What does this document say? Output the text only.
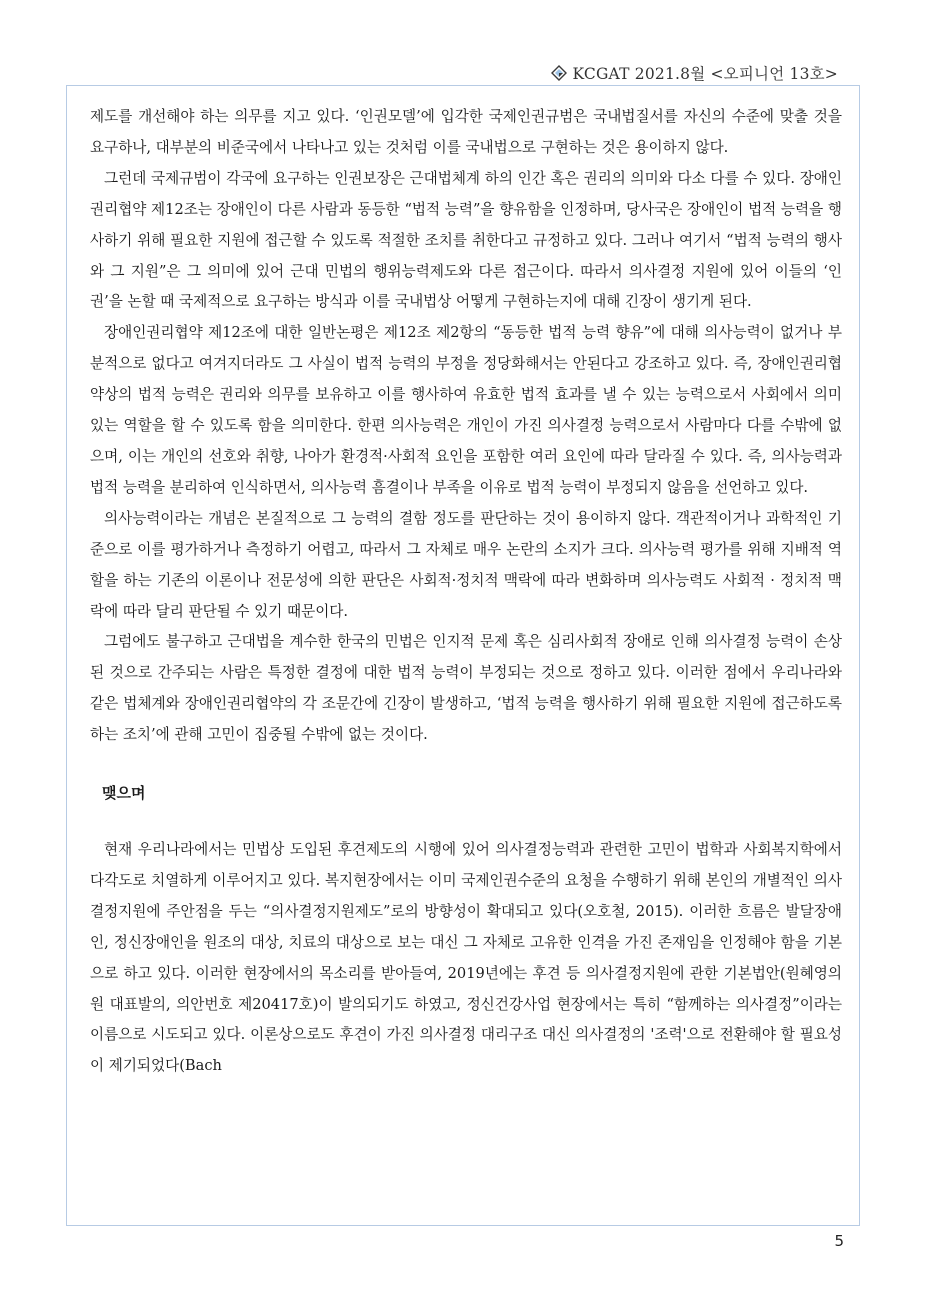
KCGAT 2021.8월 <오피니언 13호>

제도를 개선해야 하는 의무를 지고 있다. ‘인권모델’에 입각한 국제인권규범은 국내법질서를 자신의 수준에 맞출 것을 요구하나, 대부분의 비준국에서 나타나고 있는 것처럼 이를 국내법으로 구현하는 것은 용이하지 않다.

그런데 국제규범이 각국에 요구하는 인권보장은 근대법체계 하의 인간 혹은 권리의 의미와 다소 다를 수 있다. 장애인권리협약 제12조는 장애인이 다른 사람과 동등한 “법적 능력”을 향유함을 인정하며, 당사국은 장애인이 법적 능력을 행사하기 위해 필요한 지원에 접근할 수 있도록 적절한 조치를 취한다고 규정하고 있다. 그러나 여기서 “법적 능력의 행사와 그 지원”은 그 의미에 있어 근대 민법의 행위능력제도와 다른 접근이다. 따라서 의사결정 지원에 있어 이들의 ‘인권’을 논할 때 국제적으로 요구하는 방식과 이를 국내법상 어떻게 구현하는지에 대해 긴장이 생기게 된다.

장애인권리협약 제12조에 대한 일반논평은 제12조 제2항의 “동등한 법적 능력 향유”에 대해 의사능력이 없거나 부분적으로 없다고 여겨지더라도 그 사실이 법적 능력의 부정을 정당화해서는 안된다고 강조하고 있다. 즉, 장애인권리협약상의 법적 능력은 권리와 의무를 보유하고 이를 행사하여 유효한 법적 효과를 낼 수 있는 능력으로서 사회에서 의미 있는 역할을 할 수 있도록 함을 의미한다. 한편 의사능력은 개인이 가진 의사결정 능력으로서 사람마다 다를 수밖에 없으며, 이는 개인의 선호와 취향, 나아가 환경적·사회적 요인을 포함한 여러 요인에 따라 달라질 수 있다. 즉, 의사능력과 법적 능력을 분리하여 인식하면서, 의사능력 흠결이나 부족을 이유로 법적 능력이 부정되지 않음을 선언하고 있다.

의사능력이라는 개념은 본질적으로 그 능력의 결함 정도를 판단하는 것이 용이하지 않다. 객관적이거나 과학적인 기준으로 이를 평가하거나 측정하기 어렵고, 따라서 그 자체로 매우 논란의 소지가 크다. 의사능력 평가를 위해 지배적 역할을 하는 기존의 이론이나 전문성에 의한 판단은 사회적·정치적 맥락에 따라 변화하며 의사능력도 사회적 · 정치적 맥락에 따라 달리 판단될 수 있기 때문이다.

그럼에도 불구하고 근대법을 계수한 한국의 민법은 인지적 문제 혹은 심리사회적 장애로 인해 의사결정 능력이 손상된 것으로 간주되는 사람은 특정한 결정에 대한 법적 능력이 부정되는 것으로 정하고 있다. 이러한 점에서 우리나라와 같은 법체계와 장애인권리협약의 각 조문간에 긴장이 발생하고, ‘법적 능력을 행사하기 위해 필요한 지원에 접근하도록 하는 조치’에 관해 고민이 집중될 수밖에 없는 것이다.

맺으며

현재 우리나라에서는 민법상 도입된 후견제도의 시행에 있어 의사결정능력과 관련한 고민이 법학과 사회복지학에서 다각도로 치열하게 이루어지고 있다. 복지현장에서는 이미 국제인권수준의 요청을 수행하기 위해 본인의 개별적인 의사결정지원에 주안점을 두는 “의사결정지원제도”로의 방향성이 확대되고 있다(오호철, 2015). 이러한 흐름은 발달장애인, 정신장애인을 원조의 대상, 치료의 대상으로 보는 대신 그 자체로 고유한 인격을 가진 존재임을 인정해야 함을 기본으로 하고 있다. 이러한 현장에서의 목소리를 받아들여, 2019년에는 후견 등 의사결정지원에 관한 기본법안(원혜영의원 대표발의, 의안번호 제20417호)이 발의되기도 하였고, 정신건강사업 현장에서는 특히 “함께하는 의사결정”이라는 이름으로 시도되고 있다. 이론상으로도 후견이 가진 의사결정 대리구조 대신 의사결정의 '조력'으로 전환해야 할 필요성이 제기되었다(Bach

5
